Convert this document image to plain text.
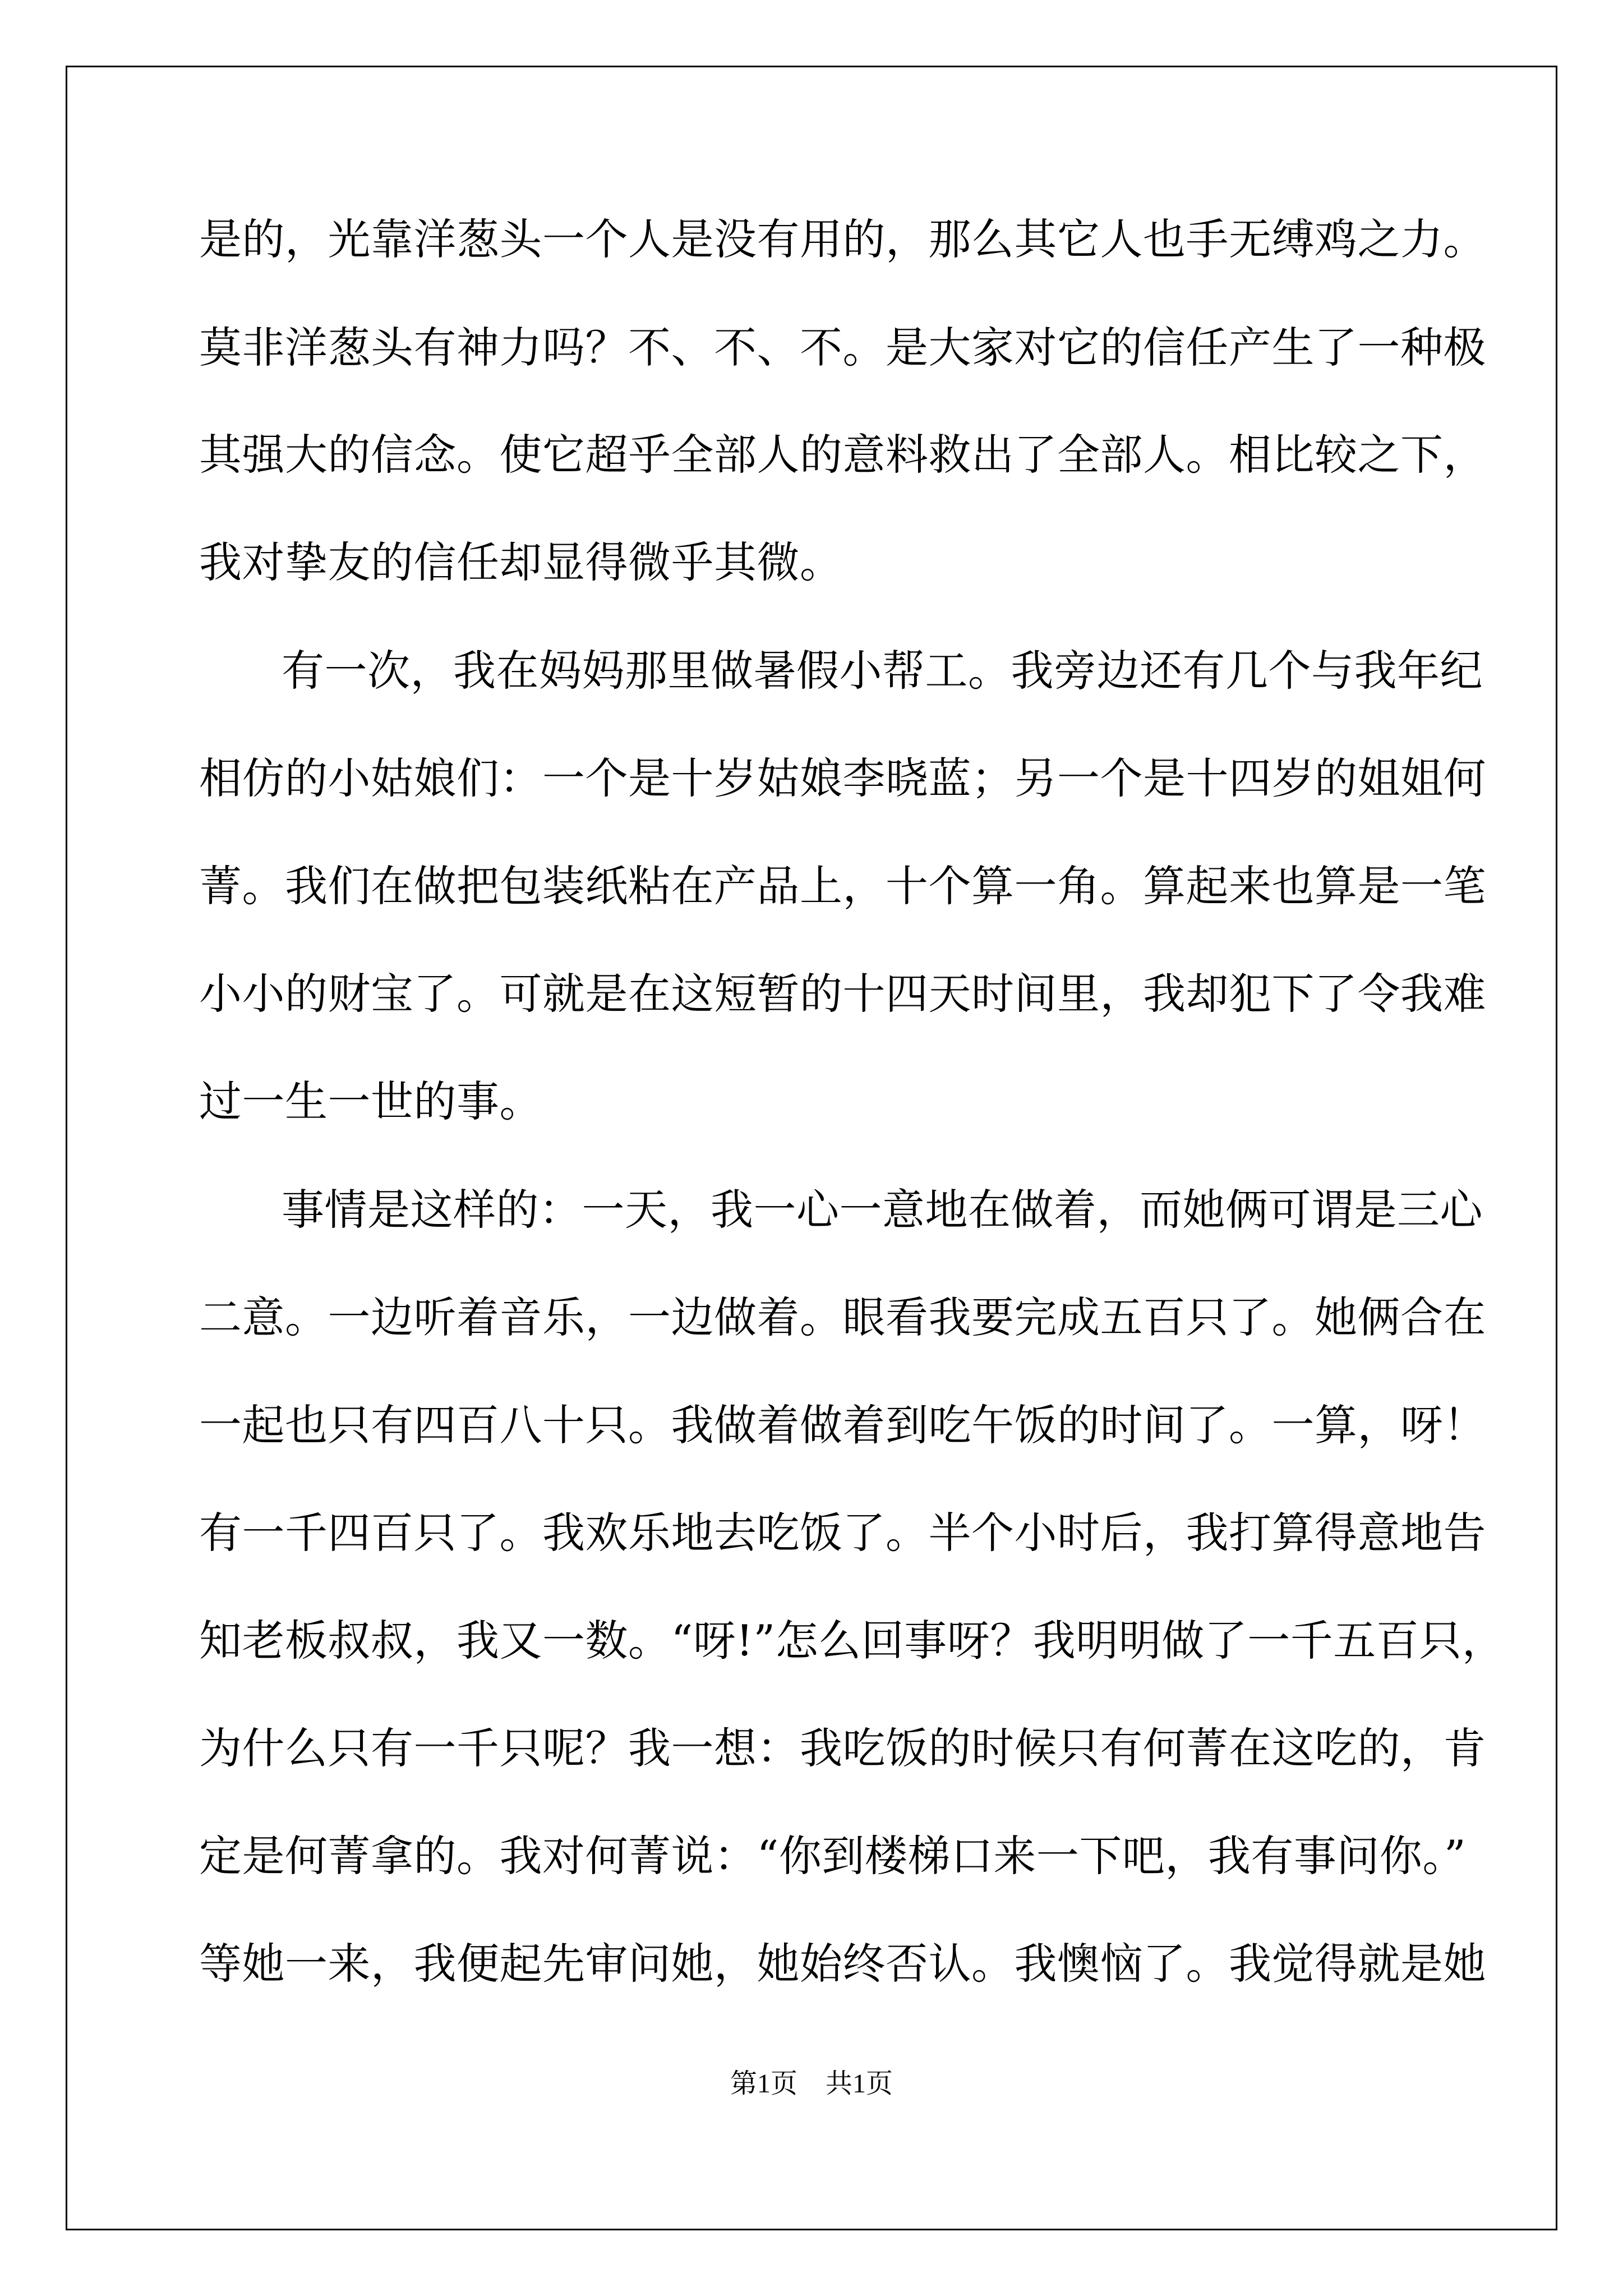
是的，光靠洋葱头一个人是没有用的，那么其它人也手无缚鸡之力。
莫非洋葱头有神力吗？不、不、不。是大家对它的信任产生了一种极
其强大的信念。使它超乎全部人的意料救出了全部人。相比较之下，
我对挚友的信任却显得微乎其微。
有一次，我在妈妈那里做暑假小帮工。我旁边还有几个与我年纪
相仿的小姑娘们：一个是十岁姑娘李晓蓝；另一个是十四岁的姐姐何
菁。我们在做把包装纸粘在产品上，十个算一角。算起来也算是一笔
小小的财宝了。可就是在这短暂的十四天时间里，我却犯下了令我难
过一生一世的事。
事情是这样的：一天，我一心一意地在做着，而她俩可谓是三心
二意。一边听着音乐，一边做着。眼看我要完成五百只了。她俩合在
一起也只有四百八十只。我做着做着到吃午饭的时间了。一算，呀！
有一千四百只了。我欢乐地去吃饭了。半个小时后，我打算得意地告
知老板叔叔，我又一数。“呀!”怎么回事呀？我明明做了一千五百只，
为什么只有一千只呢？我一想：我吃饭的时候只有何菁在这吃的，肯
定是何菁拿的。我对何菁说：“你到楼梯口来一下吧，我有事问你。”
等她一来，我便起先审问她，她始终否认。我懊恼了。我觉得就是她
第1页 共1页
